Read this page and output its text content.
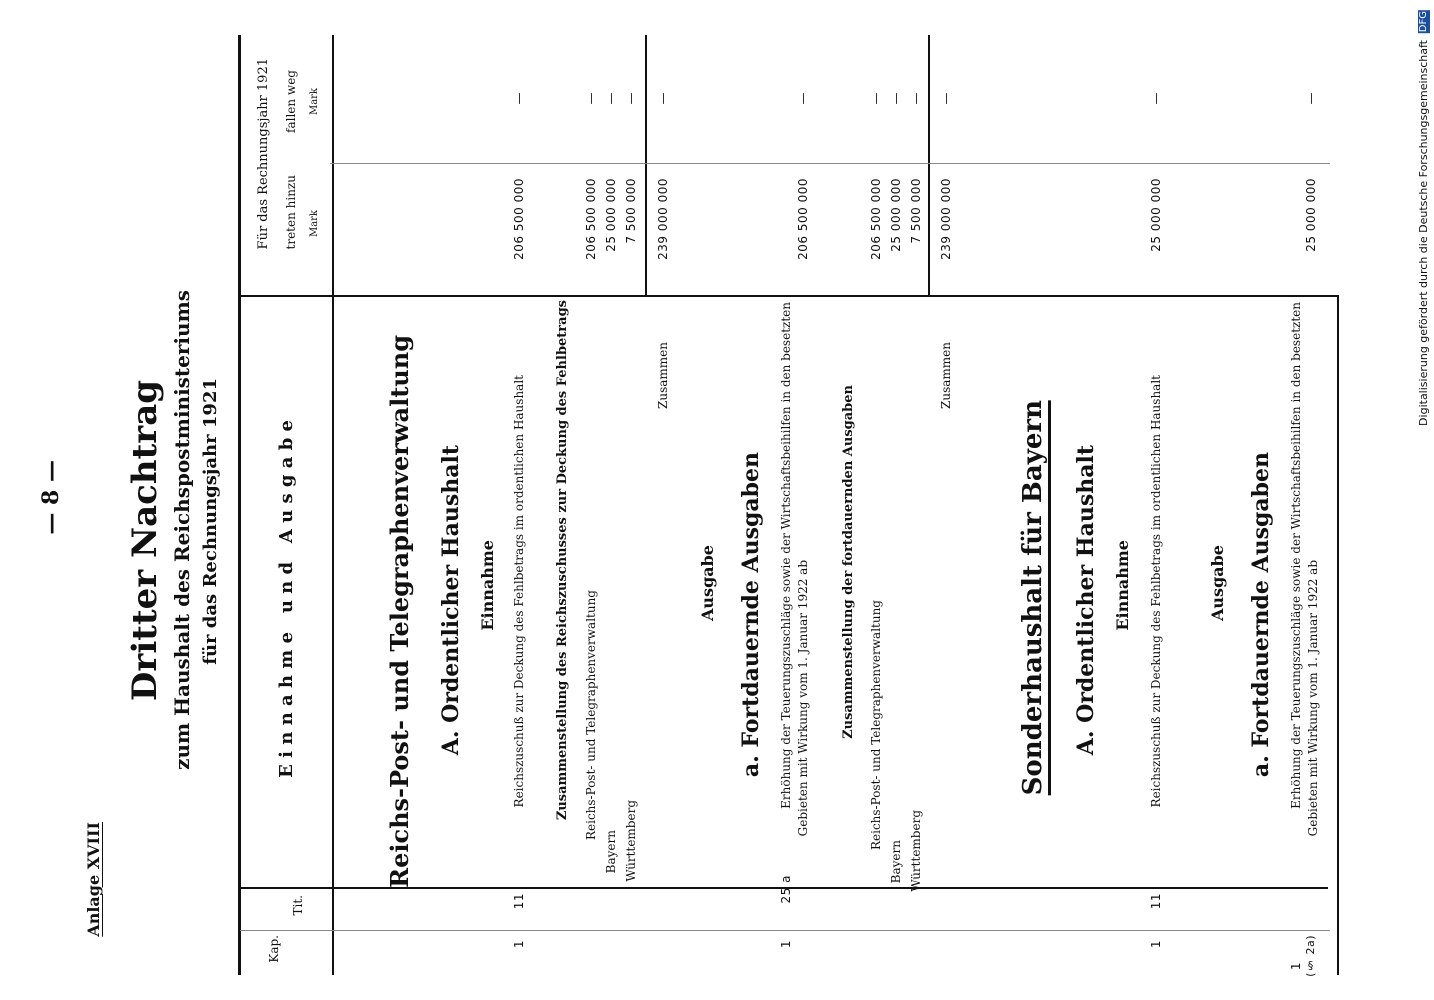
— 8 —
Anlage XVIII
Dritter Nachtrag zum Haushalt des Reichspostministeriums für das Rechnungsjahr 1921
Kap.
Tit.
E i n n a h m e   u n d   A u s g a b e
Für das Rechnungsjahr 1921 treten hinzu Mark
fallen weg Mark
Reichs-Post- und Telegraphenverwaltung A. Ordentlicher Haushalt Einnahme
1
11
Reichszuschuß zur Deckung des Fehlbetrags im ordentlichen Haushalt
206 500 000
—
Zusammenstellung des Reichszuschusses zur Deckung des Fehlbetrags Reichs-Post- und Telegraphenverwaltung
206 500 000
—
Bayern
25 000 000
—
Württemberg
7 500 000
—
Zusammen
239 000 000
—
Ausgabe a. Fortdauernde Ausgaben
1
25 a
Erhöhung der Teuerungszuschläge sowie der Wirtschaftsbeihilfen in den besetzten Gebieten mit Wirkung vom 1. Januar 1922 ab
206 500 000
—
Zusammenstellung der fortdauernden Ausgaben Reichs-Post- und Telegraphenverwaltung
206 500 000
—
Bayern
25 000 000
—
Württemberg
7 500 000
—
Zusammen
239 000 000
—
Sonderhaushalt für Bayern A. Ordentlicher Haushalt Einnahme
1
11
Reichszuschuß zur Deckung des Fehlbetrags im ordentlichen Haushalt
25 000 000
—
Ausgabe a. Fortdauernde Ausgaben
1 (§ 2a)
Erhöhung der Teuerungszuschläge sowie der Wirtschaftsbeihilfen in den besetzten Gebieten mit Wirkung vom 1. Januar 1922 ab
25 000 000
—	Digitalisierung gefördert durch die Deutsche Forschungsgemeinschaft
DFG
